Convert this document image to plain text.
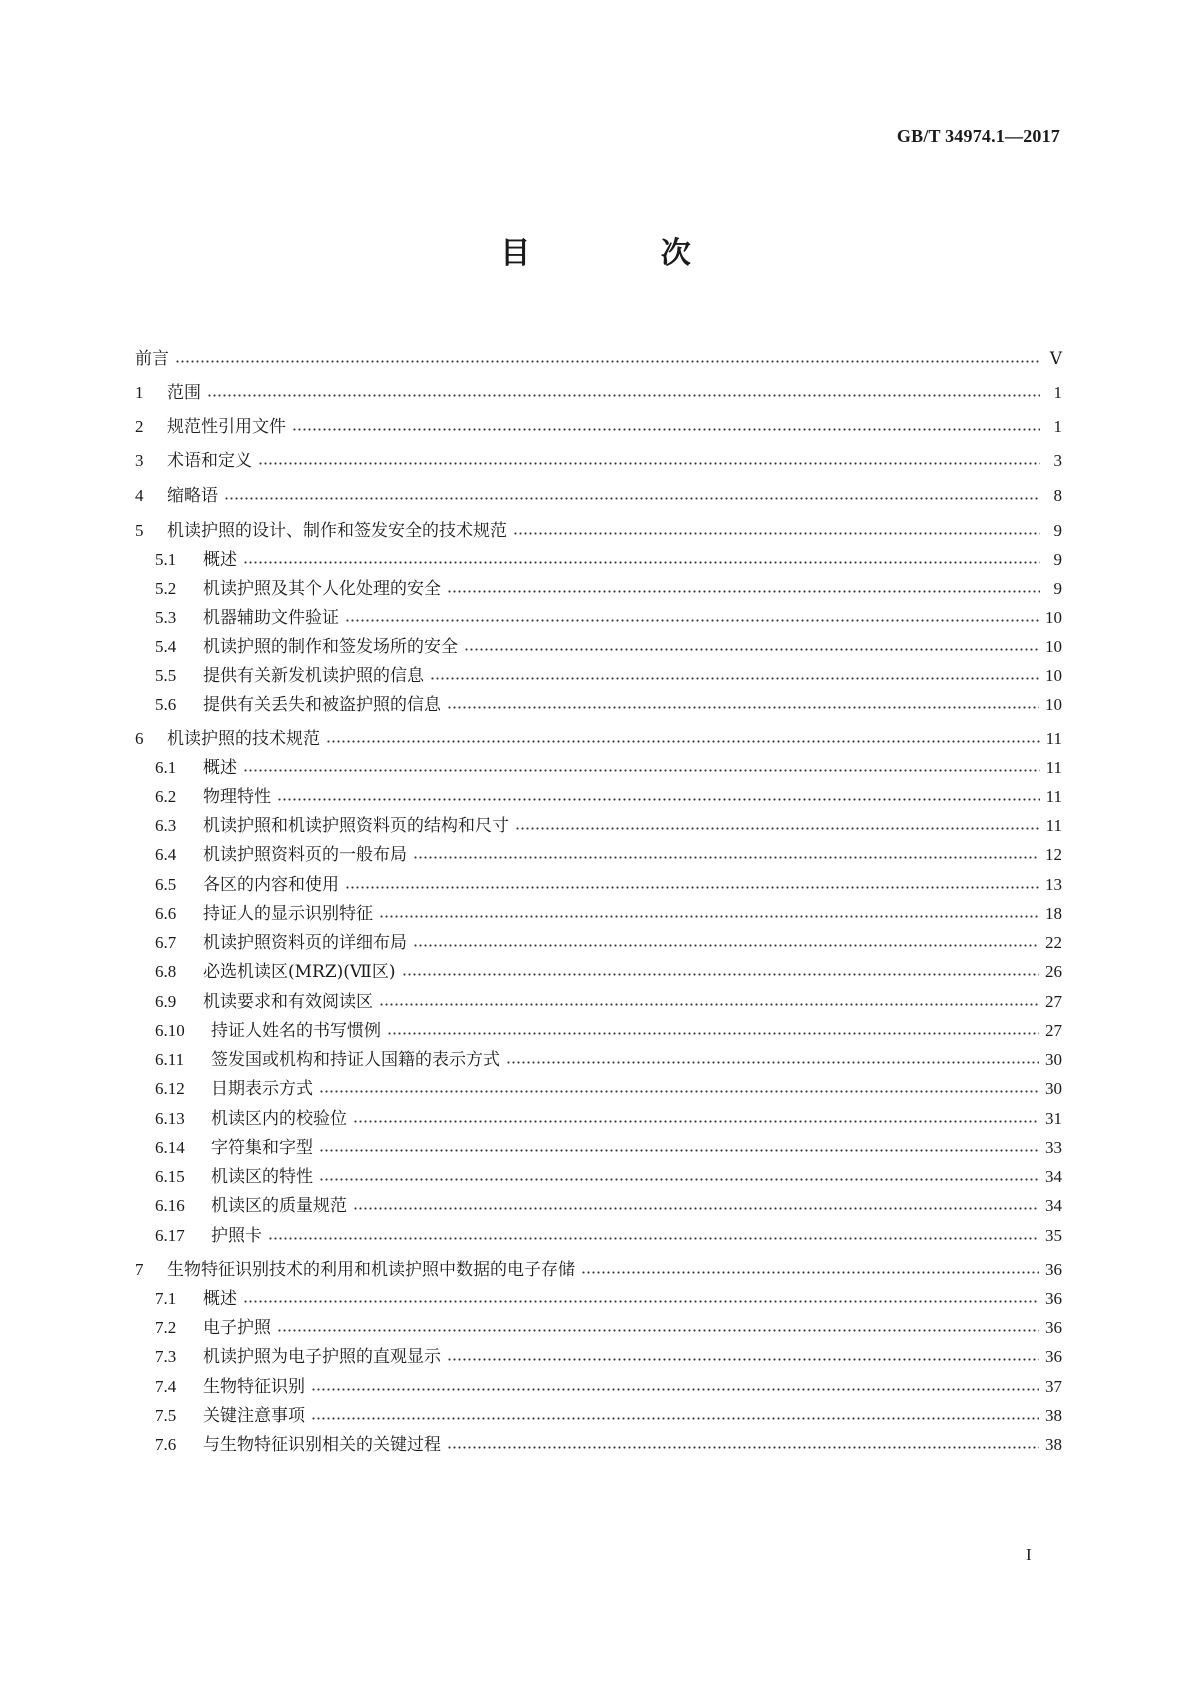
GB/T 34974.1—2017
目 次
前言	Ⅴ
1	范围	1
2	规范性引用文件	1
3	术语和定义	3
4	缩略语	8
5	机读护照的设计、制作和签发安全的技术规范	9
5.1	概述	9
5.2	机读护照及其个人化处理的安全	9
5.3	机器辅助文件验证	10
5.4	机读护照的制作和签发场所的安全	10
5.5	提供有关新发机读护照的信息	10
5.6	提供有关丢失和被盗护照的信息	10
6	机读护照的技术规范	11
6.1	概述	11
6.2	物理特性	11
6.3	机读护照和机读护照资料页的结构和尺寸	11
6.4	机读护照资料页的一般布局	12
6.5	各区的内容和使用	13
6.6	持证人的显示识别特征	18
6.7	机读护照资料页的详细布局	22
6.8	必选机读区(MRZ)(Ⅶ区)	26
6.9	机读要求和有效阅读区	27
6.10	持证人姓名的书写惯例	27
6.11	签发国或机构和持证人国籍的表示方式	30
6.12	日期表示方式	30
6.13	机读区内的校验位	31
6.14	字符集和字型	33
6.15	机读区的特性	34
6.16	机读区的质量规范	34
6.17	护照卡	35
7	生物特征识别技术的利用和机读护照中数据的电子存储	36
7.1	概述	36
7.2	电子护照	36
7.3	机读护照为电子护照的直观显示	36
7.4	生物特征识别	37
7.5	关键注意事项	38
7.6	与生物特征识别相关的关键过程	38
I
